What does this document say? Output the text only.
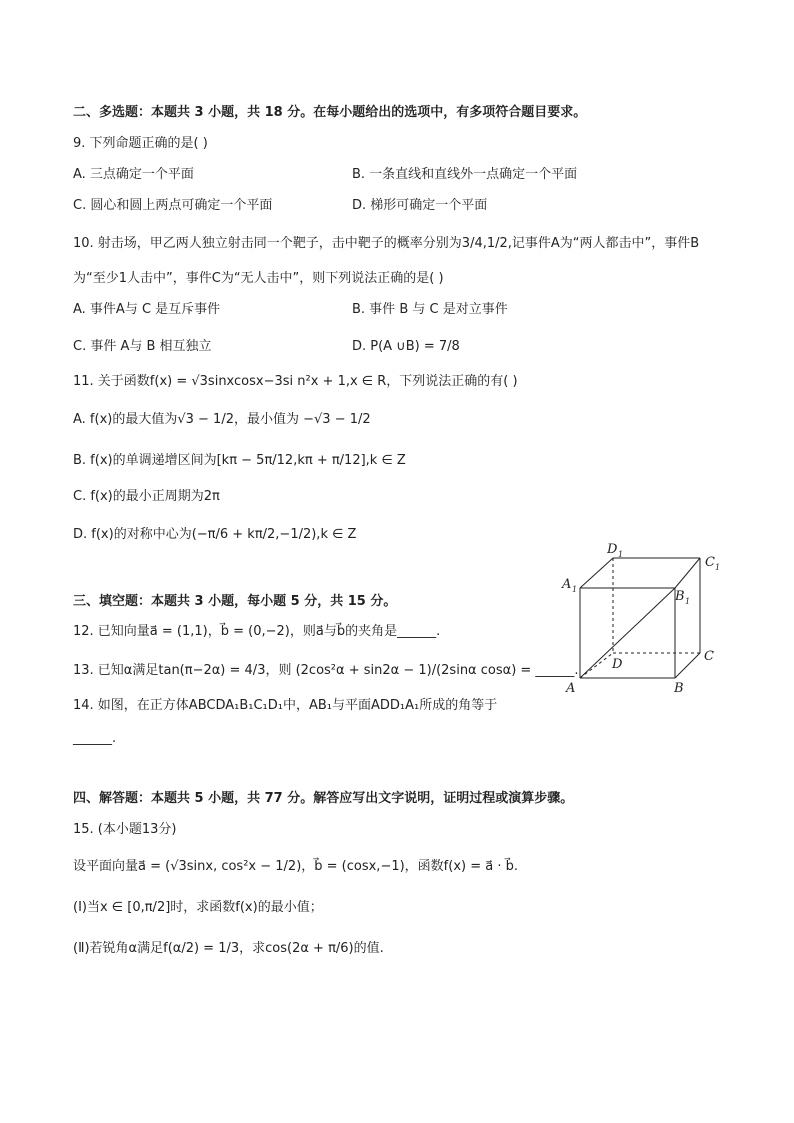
二、多选题：本题共 3 小题，共 18 分。在每小题给出的选项中，有多项符合题目要求。
9. 下列命题正确的是( )
A. 三点确定一个平面	B. 一条直线和直线外一点确定一个平面
C. 圆心和圆上两点可确定一个平面	D. 梯形可确定一个平面
10. 射击场，甲乙两人独立射击同一个靶子，击中靶子的概率分别为3/4,1/2,记事件A为“两人都击中”，事件B
为“至少1人击中”，事件C为“无人击中”，则下列说法正确的是( )
A. 事件A与 C 是互斥事件	B. 事件 B 与 C 是对立事件
C. 事件 A与 B 相互独立	D. P(A ∪B) = 7/8
11. 关于函数f(x) = √3sinxcosx−3si n²x + 1,x ∈ R，下列说法正确的有( )
A. f(x)的最大值为√3 − 1/2，最小值为 −√3 − 1/2
B. f(x)的单调递增区间为[kπ − 5π/12,kπ + π/12],k ∈ Z
C. f(x)的最小正周期为2π
D. f(x)的对称中心为(−π/6 + kπ/2,−1/2),k ∈ Z
三、填空题：本题共 3 小题，每小题 5 分，共 15 分。
12. 已知向量a⃗ = (1,1)，b⃗ = (0,−2)，则a⃗与b⃗的夹角是______.
13. 已知α满足tan(π−2α) = 4/3，则 (2cos²α + sin2α − 1)/(2sinα cosα) = ______.
14. 如图，在正方体ABCDA₁B₁C₁D₁中，AB₁与平面ADD₁A₁所成的角等于
______.
四、解答题：本题共 5 小题，共 77 分。解答应写出文字说明，证明过程或演算步骤。
15. (本小题13分)
设平面向量a⃗ = (√3sinx, cos²x − 1/2)，b⃗ = (cosx,−1)，函数f(x) = a⃗ · b⃗.
(Ⅰ)当x ∈ [0,π/2]时，求函数f(x)的最小值；
(Ⅱ)若锐角α满足f(α/2) = 1/3，求cos(2α + π/6)的值.
A	B
C
D
A 1	B 1
C 1
D 1
